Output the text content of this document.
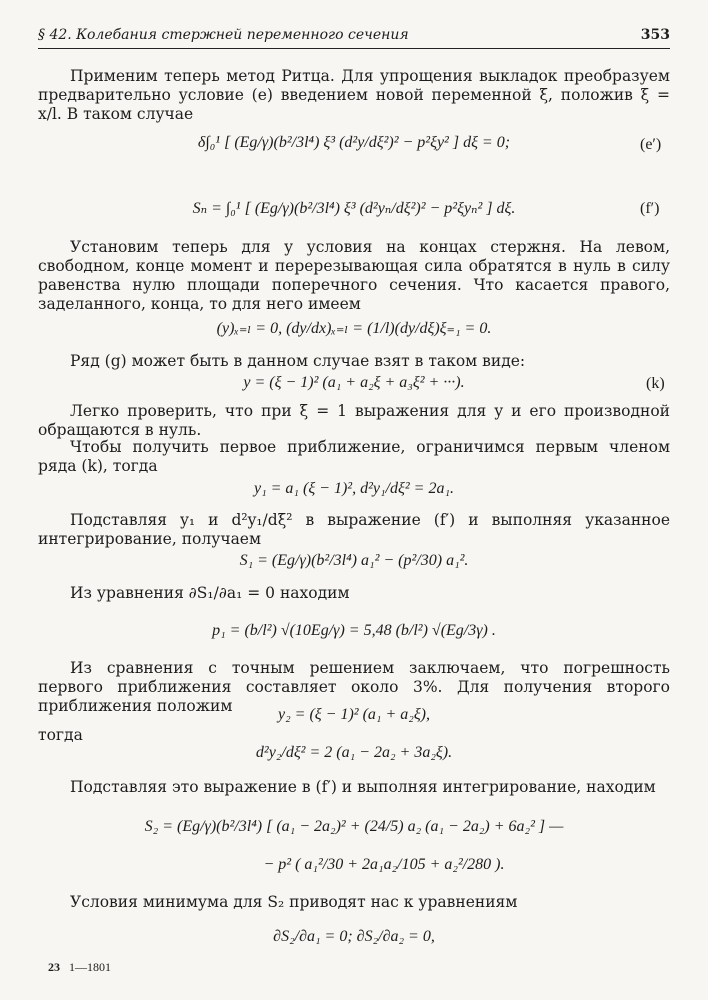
§ 42. Колебания стержней переменного сечения	353
Применим теперь метод Ритца. Для упрощения выкладок преобразуем предварительно условие (e) введением новой переменной ξ, положив ξ = x/l. В таком случае
δ∫₀¹ [ (Eg/γ)(b²/3l⁴) ξ³ (d²y/dξ²)² − p²ξy² ] dξ = 0;	(e′)
Sₙ = ∫₀¹ [ (Eg/γ)(b²/3l⁴) ξ³ (d²yₙ/dξ²)² − p²ξyₙ² ] dξ.	(f′)
Установим теперь для y условия на концах стержня. На левом, свободном, конце момент и перерезывающая сила обратятся в нуль в силу равенства нулю площади поперечного сечения. Что касается правого, заделанного, конца, то для него имеем
(y)ₓ₌ₗ = 0, (dy/dx)ₓ₌ₗ = (1/l)(dy/dξ)ξ₌₁ = 0.
Ряд (g) может быть в данном случае взят в таком виде:
y = (ξ − 1)² (a₁ + a₂ξ + a₃ξ² + ···).	(k)
Легко проверить, что при ξ = 1 выражения для y и его производной обращаются в нуль.
Чтобы получить первое приближение, ограничимся первым членом ряда (k), тогда
y₁ = a₁ (ξ − 1)², d²y₁/dξ² = 2a₁.
Подставляя y₁ и d²y₁/dξ² в выражение (f′) и выполняя указанное интегрирование, получаем
S₁ = (Eg/γ)(b²/3l⁴) a₁² − (p²/30) a₁².
Из уравнения ∂S₁/∂a₁ = 0 находим
p₁ = (b/l²) √(10Eg/γ) = 5,48 (b/l²) √(Eg/3γ) .
Из сравнения с точным решением заключаем, что погрешность первого приближения составляет около 3%. Для получения второго приближения положим	y₂ = (ξ − 1)² (a₁ + a₂ξ),
тогда
d²y₂/dξ² = 2 (a₁ − 2a₂ + 3a₂ξ).
Подставляя это выражение в (f′) и выполняя интегрирование, находим
S₂ = (Eg/γ)(b²/3l⁴) [ (a₁ − 2a₂)² + (24/5) a₂ (a₁ − 2a₂) + 6a₂² ] —
− p² ( a₁²/30 + 2a₁a₂/105 + a₂²/280 ).
Условия минимума для S₂ приводят нас к уравнениям
∂S₂/∂a₁ = 0; ∂S₂/∂a₂ = 0,
23 1—1801
